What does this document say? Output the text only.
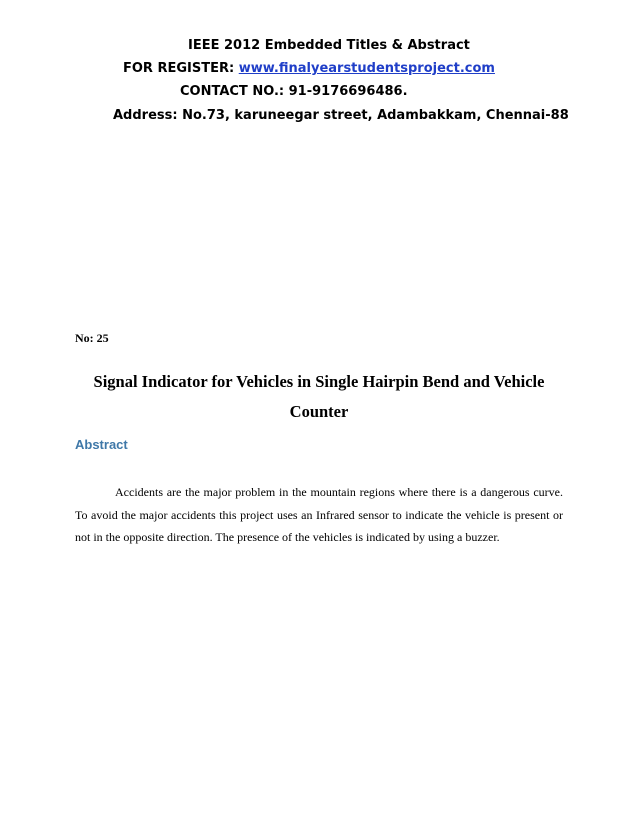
IEEE 2012 Embedded Titles & Abstract
FOR REGISTER: www.finalyearstudentsproject.com
CONTACT NO.: 91-9176696486.
Address: No.73, karuneegar street, Adambakkam, Chennai-88
No: 25
Signal Indicator for Vehicles in Single Hairpin Bend and Vehicle Counter
Abstract

Accidents are the major problem in the mountain regions where there is a dangerous curve. To avoid the major accidents this project uses an Infrared sensor to indicate the vehicle is present or not in the opposite direction. The presence of the vehicles is indicated by using a buzzer.
